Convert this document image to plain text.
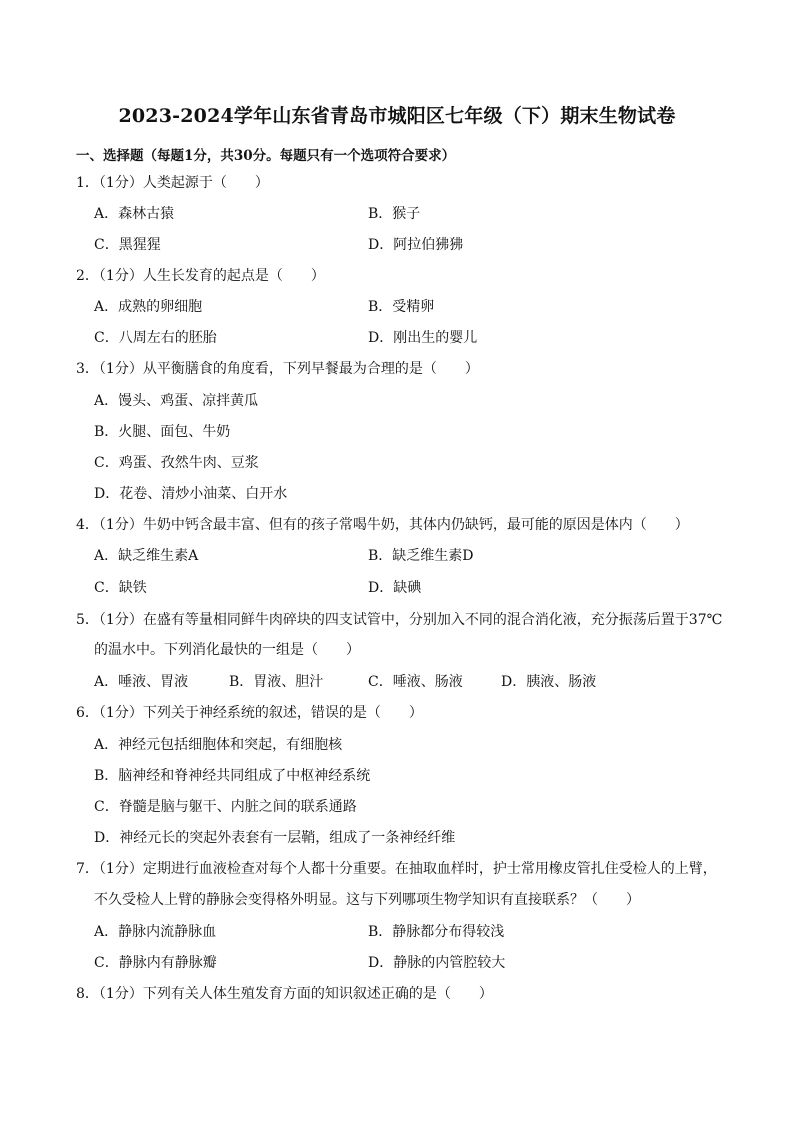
2023-2024学年山东省青岛市城阳区七年级（下）期末生物试卷
一、选择题（每题1分，共30分。每题只有一个选项符合要求）
1．（1分）人类起源于（　　）
A．森林古猿	B．猴子
C．黑猩猩	D．阿拉伯狒狒
2．（1分）人生长发育的起点是（　　）
A．成熟的卵细胞	B．受精卵
C．八周左右的胚胎	D．刚出生的婴儿
3．（1分）从平衡膳食的角度看，下列早餐最为合理的是（　　）
A．馒头、鸡蛋、凉拌黄瓜
B．火腿、面包、牛奶
C．鸡蛋、孜然牛肉、豆浆
D．花卷、清炒小油菜、白开水
4．（1分）牛奶中钙含最丰富、但有的孩子常喝牛奶，其体内仍缺钙，最可能的原因是体内（　　）
A．缺乏维生素A	B．缺乏维生素D
C．缺铁	D．缺碘
5．（1分）在盛有等量相同鲜牛肉碎块的四支试管中，分别加入不同的混合消化液，充分振荡后置于37℃
的温水中。下列消化最快的一组是（　　）
A．唾液、胃液	B．胃液、胆汁	C．唾液、肠液	D．胰液、肠液
6．（1分）下列关于神经系统的叙述，错误的是（　　）
A．神经元包括细胞体和突起，有细胞核
B．脑神经和脊神经共同组成了中枢神经系统
C．脊髓是脑与躯干、内脏之间的联系通路
D．神经元长的突起外表套有一层鞘，组成了一条神经纤维
7．（1分）定期进行血液检查对每个人都十分重要。在抽取血样时，护士常用橡皮管扎住受检人的上臂，
不久受检人上臂的静脉会变得格外明显。这与下列哪项生物学知识有直接联系？（　　）
A．静脉内流静脉血	B．静脉都分布得较浅
C．静脉内有静脉瓣	D．静脉的内管腔较大
8．（1分）下列有关人体生殖发育方面的知识叙述正确的是（　　）
